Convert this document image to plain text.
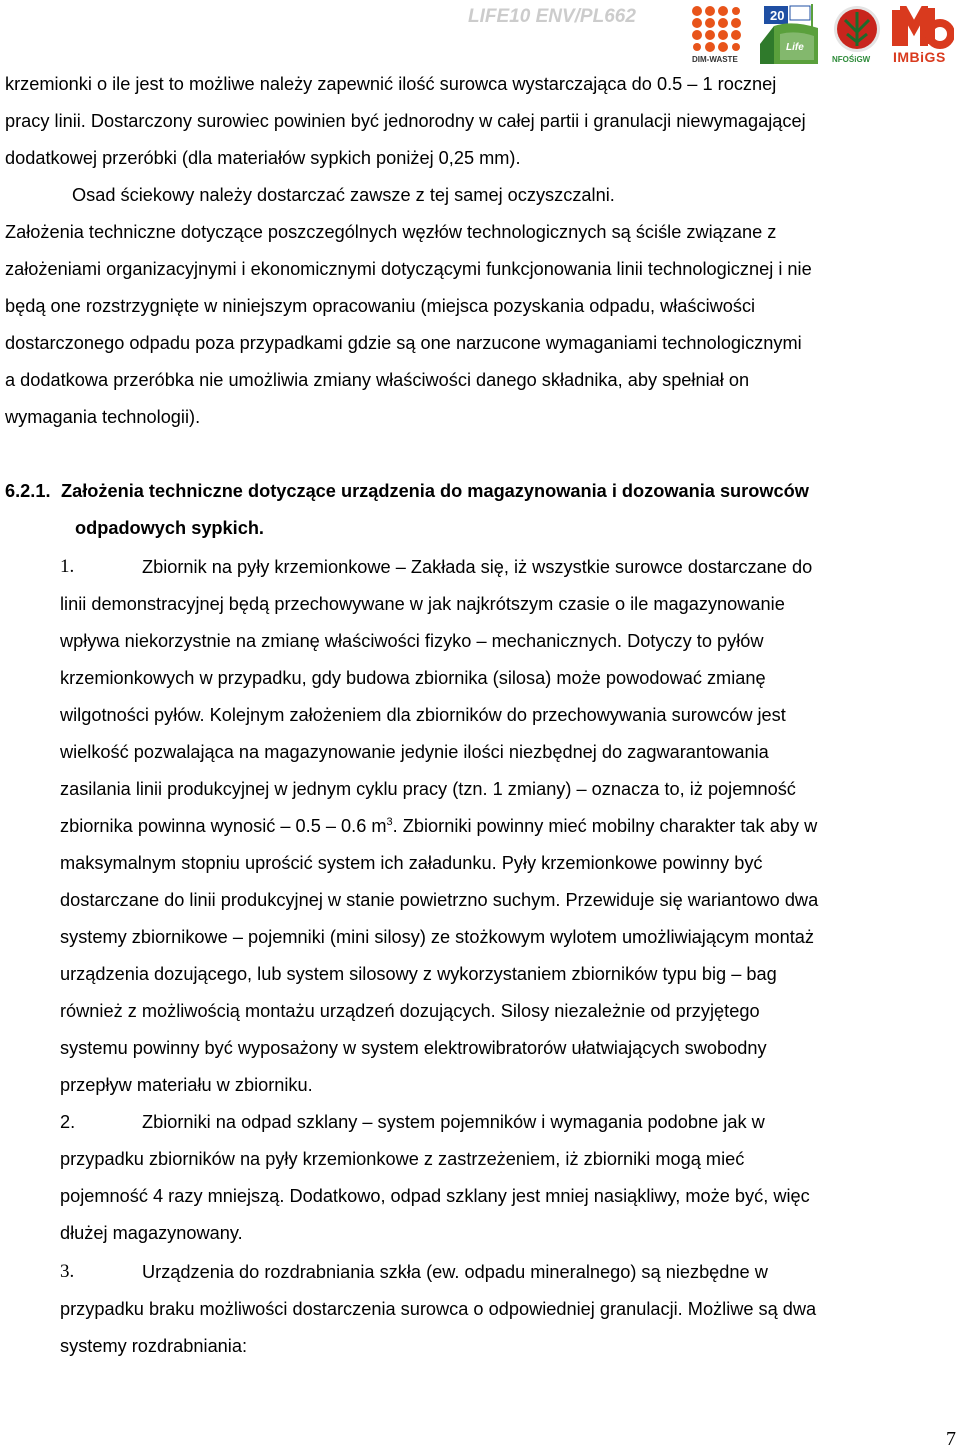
LIFE10 ENV/PL662
DIM-WASTE
20
Life
NFOŚiGW IMBiGS
krzemionki o ile jest to możliwe należy zapewnić ilość surowca wystarczająca do 0.5 – 1 rocznej
pracy linii. Dostarczony surowiec powinien być jednorodny w całej partii i granulacji niewymagającej
dodatkowej przeróbki (dla materiałów sypkich poniżej 0,25 mm).
Osad ściekowy należy dostarczać zawsze z tej samej oczyszczalni.
Założenia techniczne dotyczące poszczególnych węzłów technologicznych są ściśle związane z
założeniami organizacyjnymi i ekonomicznymi dotyczącymi funkcjonowania linii technologicznej i nie
będą one rozstrzygnięte w niniejszym opracowaniu (miejsca pozyskania odpadu, właściwości
dostarczonego odpadu poza przypadkami gdzie są one narzucone wymaganiami technologicznymi
a dodatkowa przeróbka nie umożliwia zmiany właściwości danego składnika, aby spełniał on
wymagania technologii).
6.2.1. Założenia techniczne dotyczące urządzenia do magazynowania i dozowania surowców
odpadowych sypkich.
1.	Zbiornik na pyły krzemionkowe – Zakłada się, iż wszystkie surowce dostarczane do
linii demonstracyjnej będą przechowywane w jak najkrótszym czasie o ile magazynowanie
wpływa niekorzystnie na zmianę właściwości fizyko – mechanicznych. Dotyczy to pyłów
krzemionkowych w przypadku, gdy budowa zbiornika (silosa) może powodować zmianę
wilgotności pyłów. Kolejnym założeniem dla zbiorników do przechowywania surowców jest
wielkość pozwalająca na magazynowanie jedynie ilości niezbędnej do zagwarantowania
zasilania linii produkcyjnej w jednym cyklu pracy (tzn. 1 zmiany) – oznacza to, iż pojemność
zbiornika powinna wynosić – 0.5 – 0.6 $m^3$. Zbiorniki powinny mieć mobilny charakter tak aby w
maksymalnym stopniu uprościć system ich załadunku. Pyły krzemionkowe powinny być
dostarczane do linii produkcyjnej w stanie powietrzno suchym. Przewiduje się wariantowo dwa
systemy zbiornikowe – pojemniki (mini silosy) ze stożkowym wylotem umożliwiającym montaż
urządzenia dozującego, lub system silosowy z wykorzystaniem zbiorników typu big – bag
również z możliwością montażu urządzeń dozujących. Silosy niezależnie od przyjętego
systemu powinny być wyposażony w system elektrowibratorów ułatwiających swobodny
przepływ materiału w zbiorniku.
2.	Zbiorniki na odpad szklany – system pojemników i wymagania podobne jak w
przypadku zbiorników na pyły krzemionkowe z zastrzeżeniem, iż zbiorniki mogą mieć
pojemność 4 razy mniejszą. Dodatkowo, odpad szklany jest mniej nasiąkliwy, może być, więc
dłużej magazynowany.
3.	Urządzenia do rozdrabniania szkła (ew. odpadu mineralnego) są niezbędne w
przypadku braku możliwości dostarczenia surowca o odpowiedniej granulacji. Możliwe są dwa
systemy rozdrabniania:
7
